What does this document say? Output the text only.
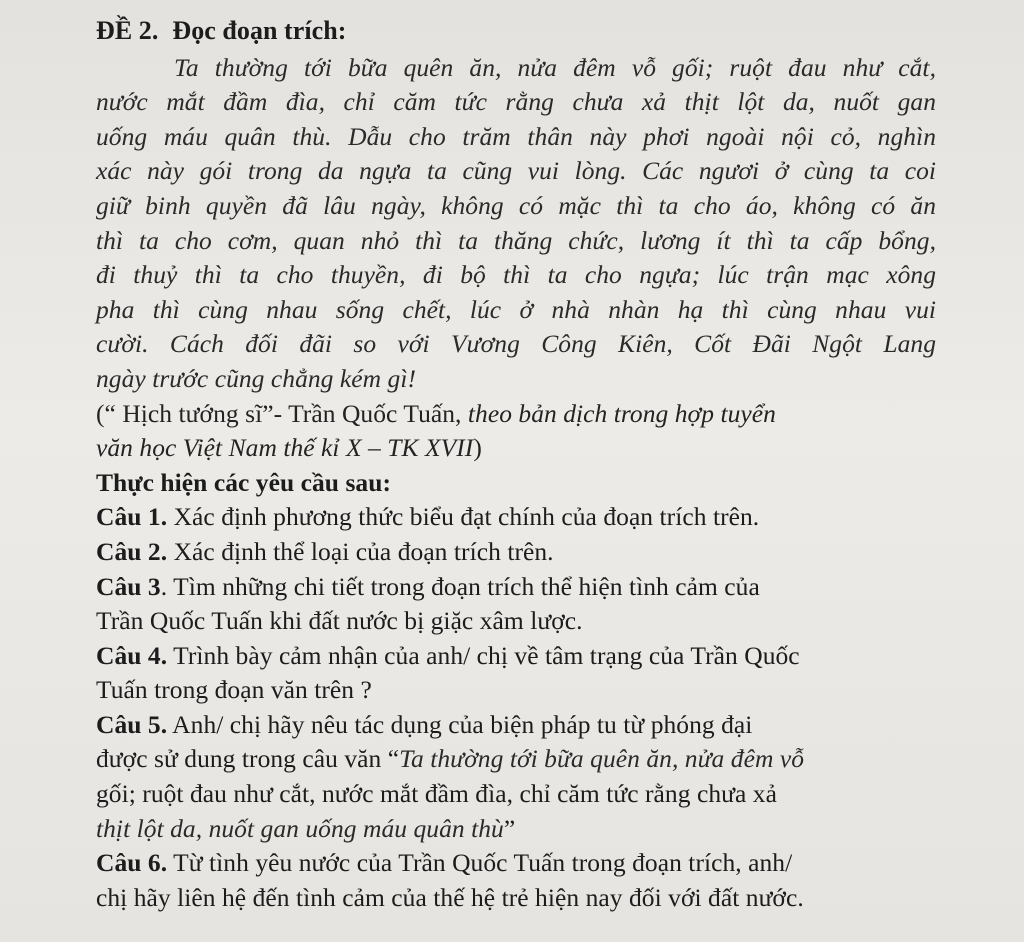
ĐỀ 2. Đọc đoạn trích:
Ta thường tới bữa quên ăn, nửa đêm vỗ gối; ruột đau như cắt,
nước mắt đầm đìa, chỉ căm tức rằng chưa xả thịt lột da, nuốt gan
uống máu quân thù. Dẫu cho trăm thân này phơi ngoài nội cỏ, nghìn
xác này gói trong da ngựa ta cũng vui lòng. Các ngươi ở cùng ta coi
giữ binh quyền đã lâu ngày, không có mặc thì ta cho áo, không có ăn
thì ta cho cơm, quan nhỏ thì ta thăng chức, lương ít thì ta cấp bổng,
đi thuỷ thì ta cho thuyền, đi bộ thì ta cho ngựa; lúc trận mạc xông
pha thì cùng nhau sống chết, lúc ở nhà nhàn hạ thì cùng nhau vui
cười. Cách đối đãi so với Vương Công Kiên, Cốt Đãi Ngột Lang
ngày trước cũng chẳng kém gì!
(“ Hịch tướng sĩ”- Trần Quốc Tuấn, theo bản dịch trong hợp tuyển
văn học Việt Nam thế kỉ X – TK XVII)
Thực hiện các yêu cầu sau:
Câu 1. Xác định phương thức biểu đạt chính của đoạn trích trên.
Câu 2. Xác định thể loại của đoạn trích trên.
Câu 3. Tìm những chi tiết trong đoạn trích thể hiện tình cảm của
Trần Quốc Tuấn khi đất nước bị giặc xâm lược.
Câu 4. Trình bày cảm nhận của anh/ chị về tâm trạng của Trần Quốc
Tuấn trong đoạn văn trên ?
Câu 5. Anh/ chị hãy nêu tác dụng của biện pháp tu từ phóng đại
được sử dung trong câu văn “Ta thường tới bữa quên ăn, nửa đêm vỗ
gối; ruột đau như cắt, nước mắt đầm đìa, chỉ căm tức rằng chưa xả
thịt lột da, nuốt gan uống máu quân thù”
Câu 6. Từ tình yêu nước của Trần Quốc Tuấn trong đoạn trích, anh/
chị hãy liên hệ đến tình cảm của thế hệ trẻ hiện nay đối với đất nước.
